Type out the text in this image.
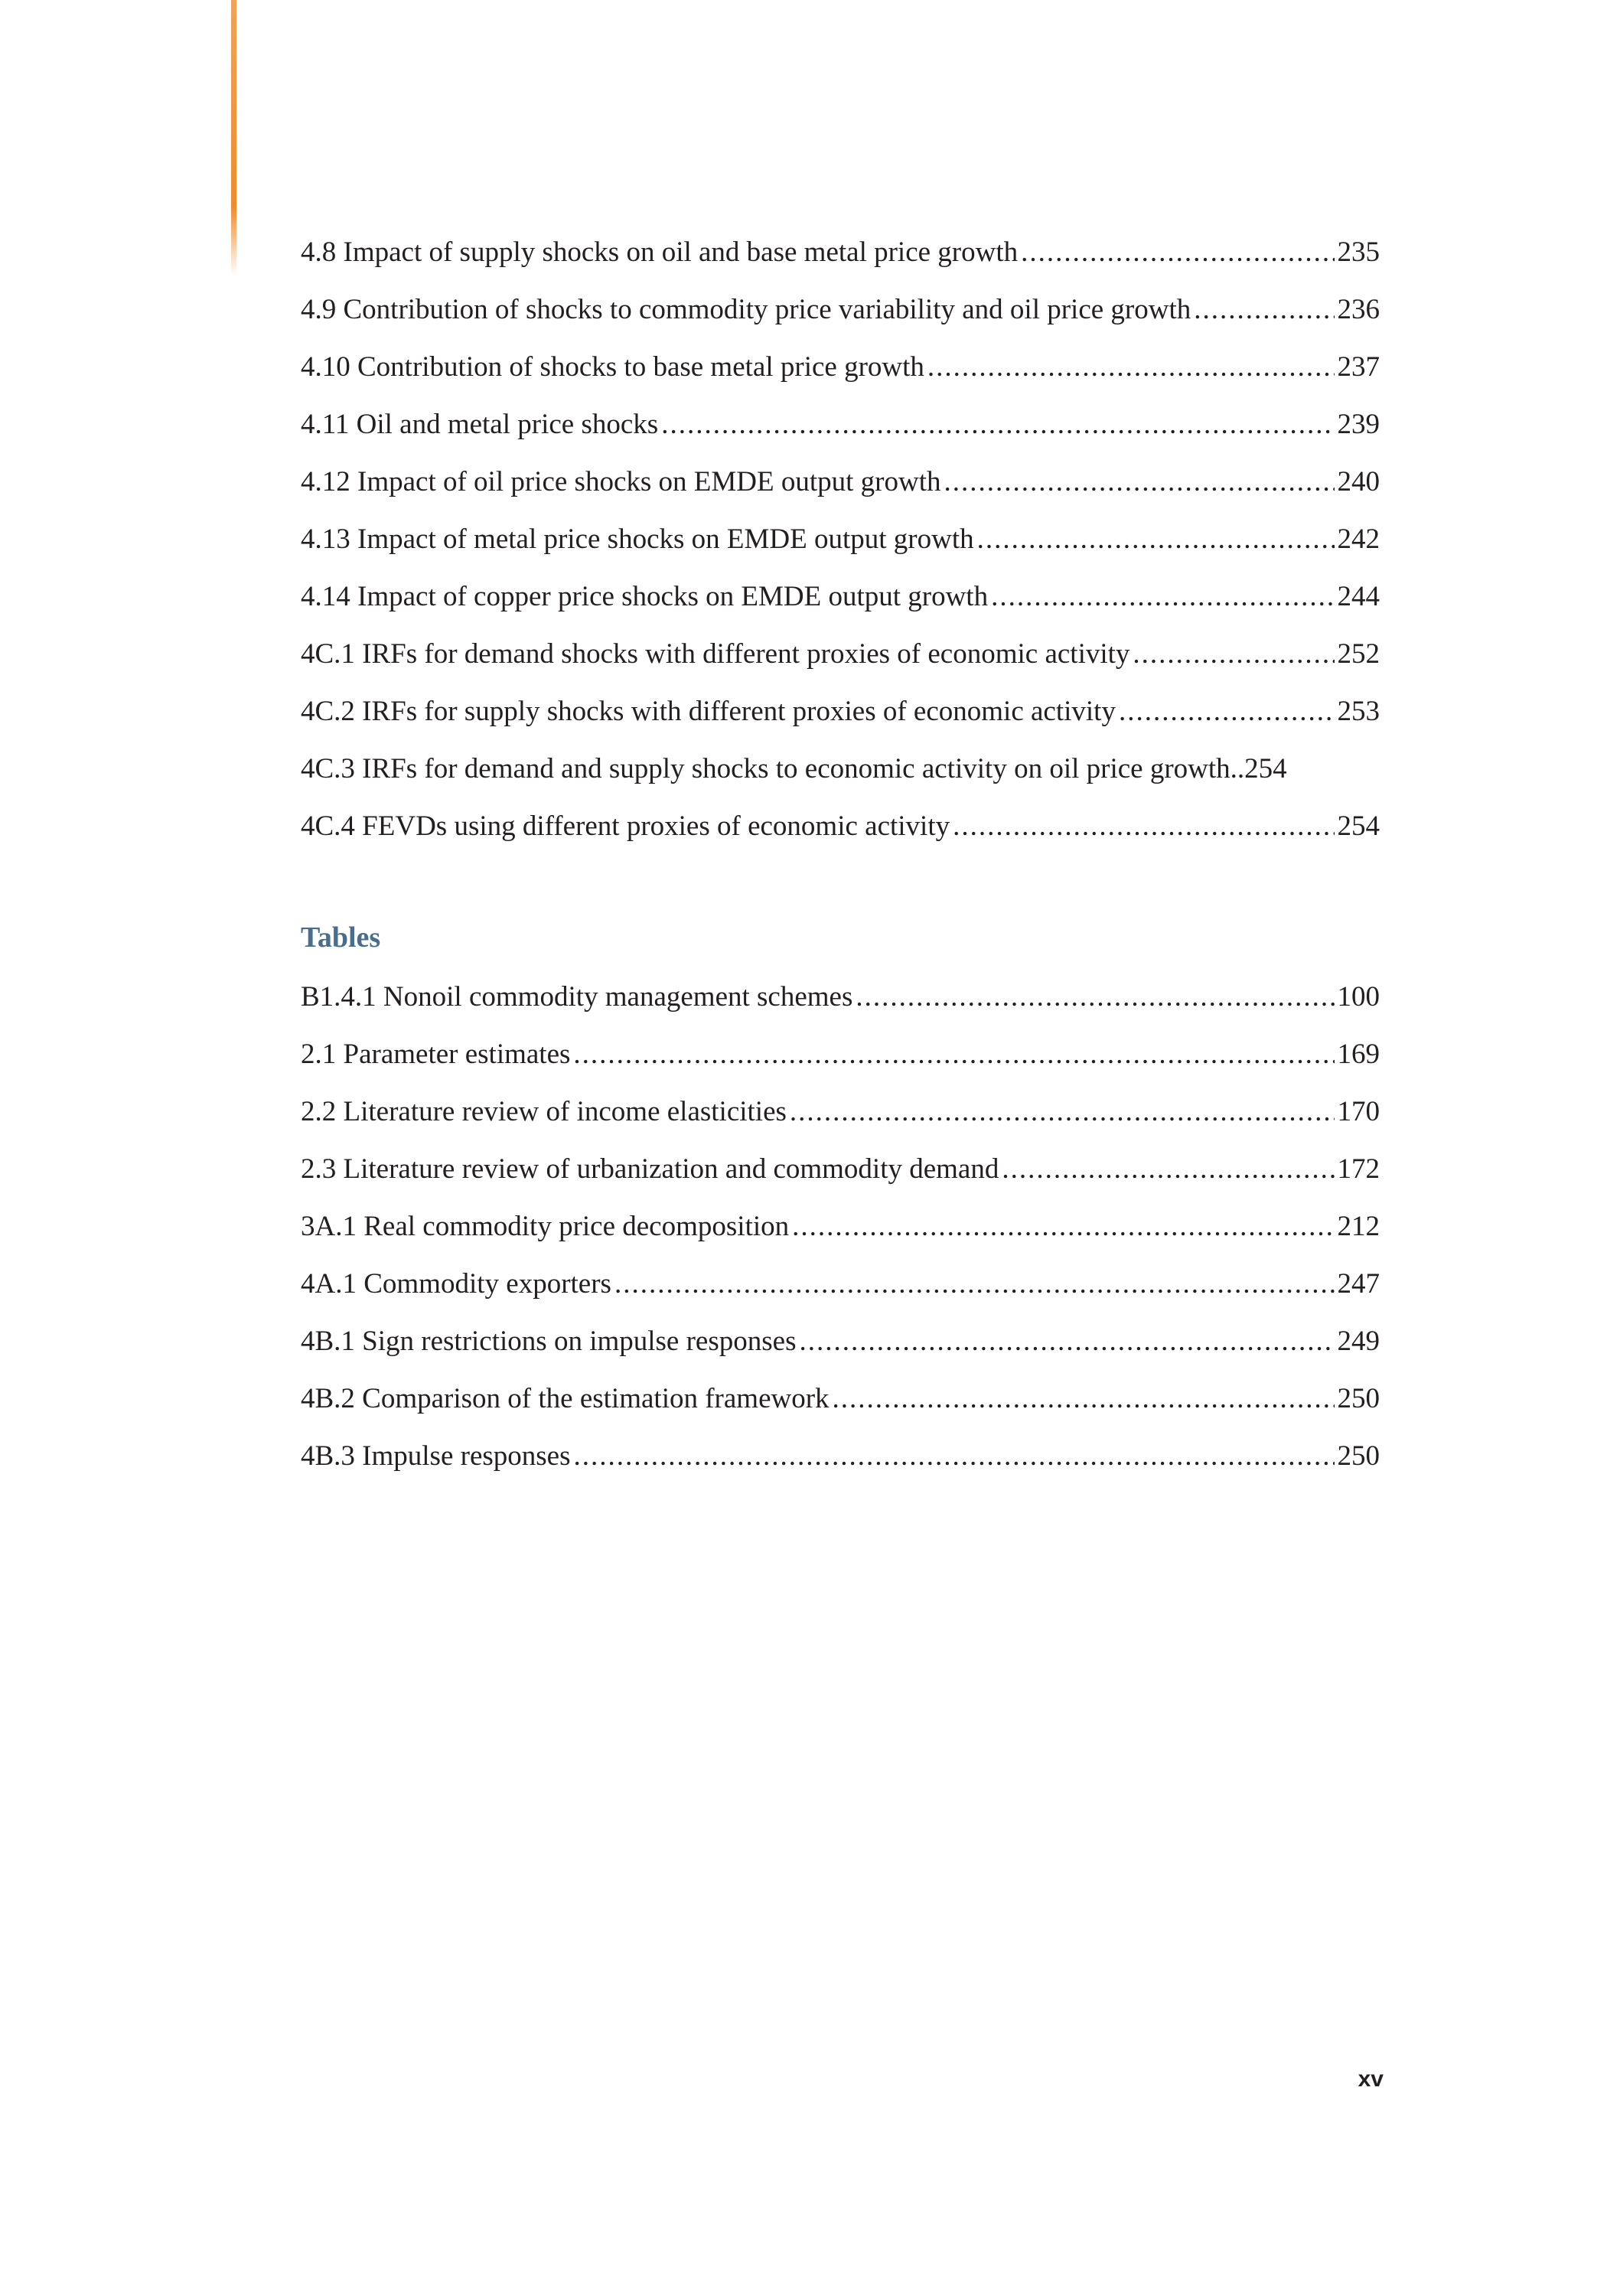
4.8 Impact of supply shocks on oil and base metal price growth .....	235
4.9 Contribution of shocks to commodity price variability and oil price growth .....	236
4.10 Contribution of shocks to base metal price growth .....	237
4.11 Oil and metal price shocks .....	239
4.12 Impact of oil price shocks on EMDE output growth .....	240
4.13 Impact of metal price shocks on EMDE output growth .....	242
4.14 Impact of copper price shocks on EMDE output growth .....	244
4C.1 IRFs for demand shocks with different proxies of economic activity .....	252
4C.2 IRFs for supply shocks with different proxies of economic activity .....	253
4C.3 IRFs for demand and supply shocks to economic activity on oil price growth.. 254
4C.4 FEVDs using different proxies of economic activity .....	254
Tables
B1.4.1 Nonoil commodity management schemes .....	100
2.1 Parameter estimates .....	169
2.2 Literature review of income elasticities .....	170
2.3 Literature review of urbanization and commodity demand .....	172
3A.1 Real commodity price decomposition .....	212
4A.1 Commodity exporters .....	247
4B.1 Sign restrictions on impulse responses .....	249
4B.2 Comparison of the estimation framework .....	250
4B.3 Impulse responses .....	250
xv
